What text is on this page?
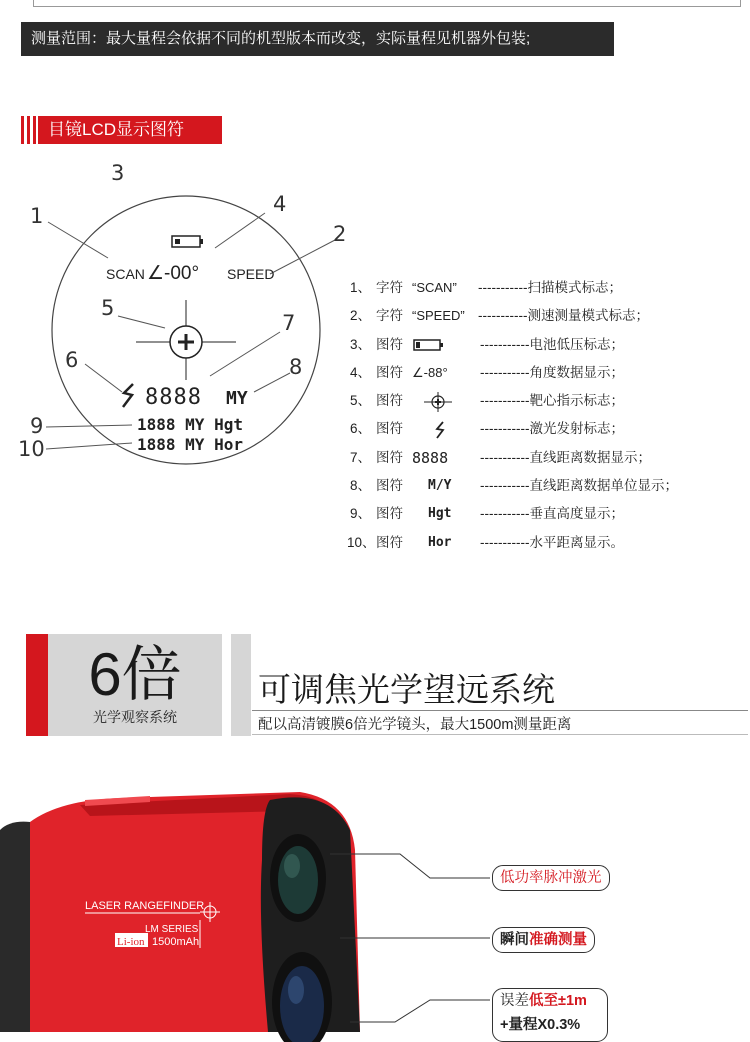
测量范围：最大量程会依据不同的机型版本而改变，实际量程见机器外包装;
目镜LCD显示图符
1
2
3
4
5
6
7
8
9
10
SCAN ∠-00° SPEED
8888 MY
1888 MY Hgt
1888 MY Hor
1、 字符 “SCAN” -----------扫描模式标志；
2、 字符 “SPEED” -----------测速测量模式标志；
3、 图符	-----------电池低压标志；
4、 图符 ∠-88° -----------角度数据显示；
5、 图符	-----------靶心指示标志；
6、 图符	-----------激光发射标志；
7、 图符 8888 -----------直线距离数据显示；
8、 图符 M/Y -----------直线距离数据单位显示；
9、 图符 Hgt -----------垂直高度显示；
10、 图符 Hor -----------水平距离显示。
6倍
光学观察系统
可调焦光学望远系统
配以高清镀膜6倍光学镜头，最大1500m测量距离
LASER RANGEFINDER
LM SERIES
Li-ion 1500mAh
低功率脉冲激光
瞬间准确测量
误差低至±1m
+量程X0.3%
